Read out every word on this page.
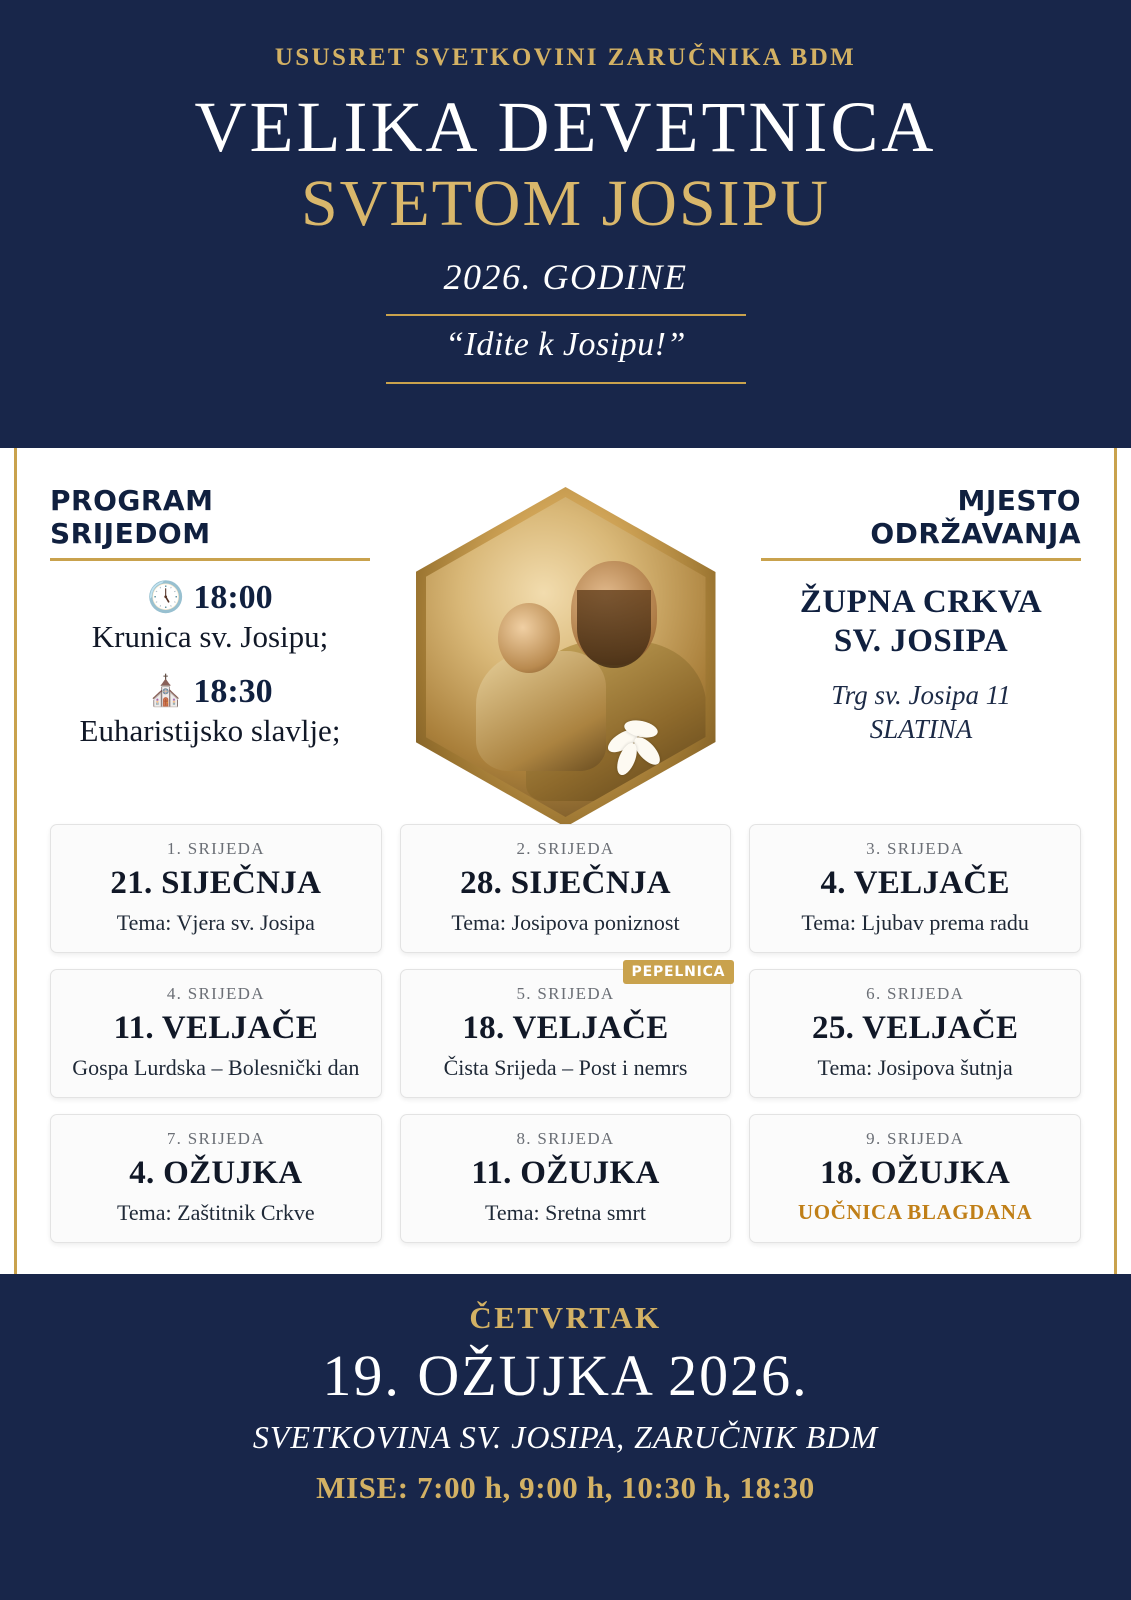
USUSRET SVETKOVINI ZARUČNIKA BDM
VELIKA DEVETNICA
SVETOM JOSIPU
2026. GODINE
“Idite k Josipu!”
PROGRAM SRIJEDOM
🕔 18:00
Krunica sv. Josipu;
⛪ 18:30
Euharistijsko slavlje;
MJESTO ODRŽAVANJA
ŽUPNA CRKVA
SV. JOSIPA
Trg sv. Josipa 11
SLATINA
1. SRIJEDA
21. SIJEČNJA
Tema: Vjera sv. Josipa
2. SRIJEDA
28. SIJEČNJA
Tema: Josipova poniznost
3. SRIJEDA
4. VELJAČE
Tema: Ljubav prema radu
4. SRIJEDA
11. VELJAČE
Gospa Lurdska – Bolesnički dan
PEPELNICA
5. SRIJEDA
18. VELJAČE
Čista Srijeda – Post i nemrs
6. SRIJEDA
25. VELJAČE
Tema: Josipova šutnja
7. SRIJEDA
4. OŽUJKA
Tema: Zaštitnik Crkve
8. SRIJEDA
11. OŽUJKA
Tema: Sretna smrt
9. SRIJEDA
18. OŽUJKA
UOČNICA BLAGDANA
ČETVRTAK
19. OŽUJKA 2026.
SVETKOVINA SV. JOSIPA, ZARUČNIK BDM
MISE: 7:00 h, 9:00 h, 10:30 h, 18:30
